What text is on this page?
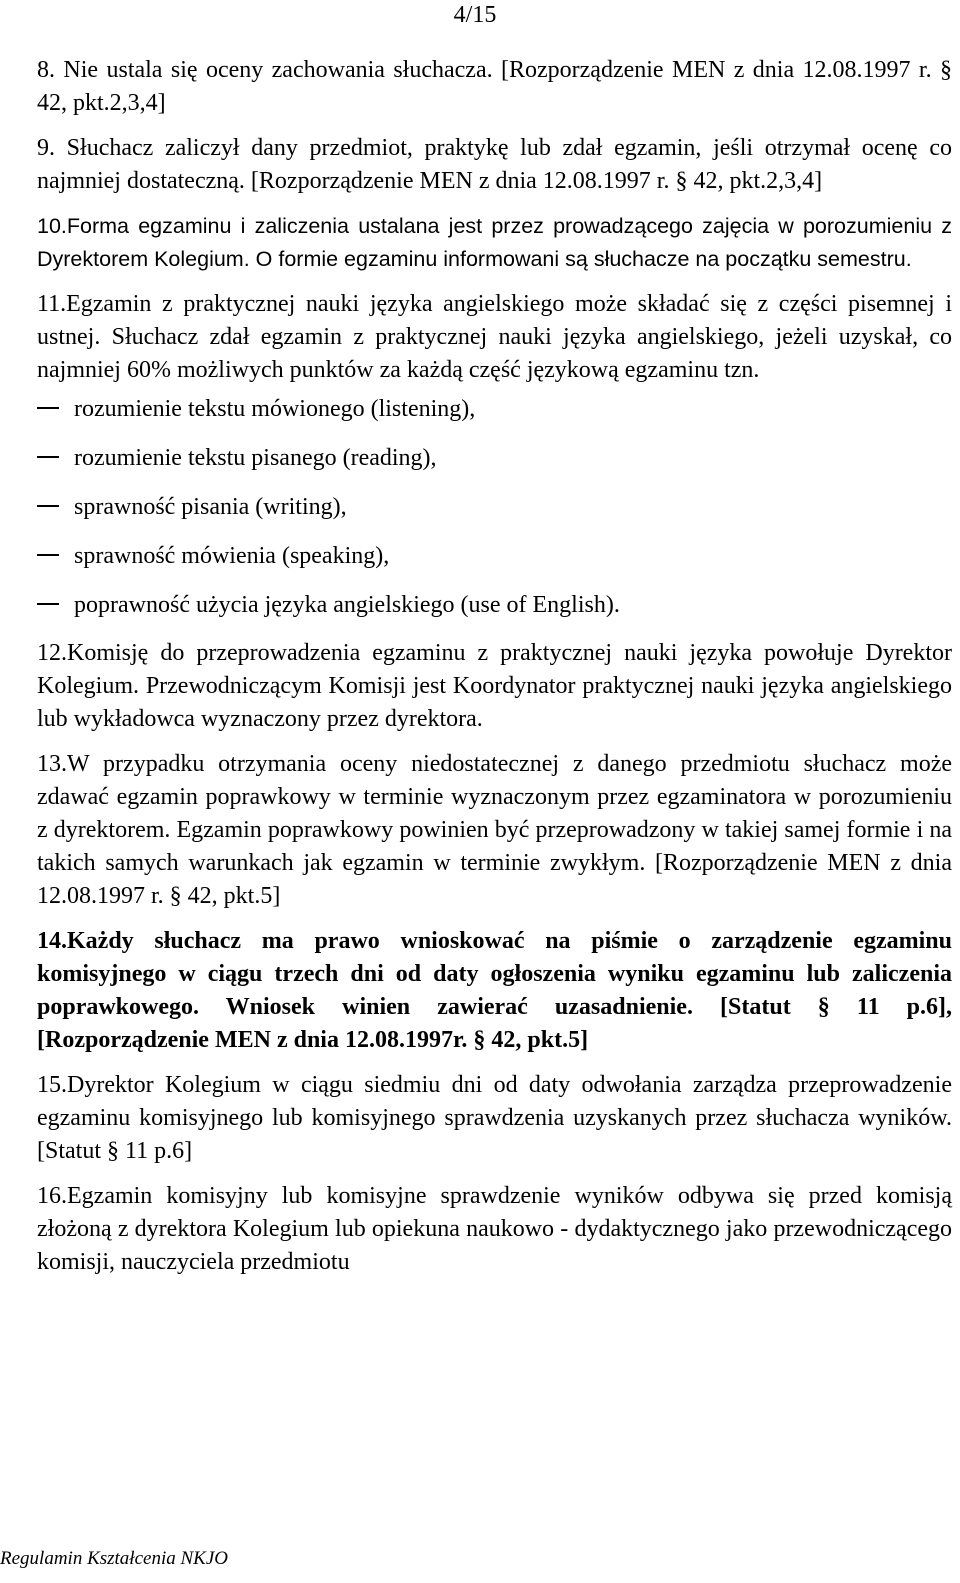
4/15

8. Nie ustala się oceny zachowania słuchacza. [Rozporządzenie MEN z dnia 12.08.1997 r. § 42, pkt.2,3,4]

9. Słuchacz zaliczył dany przedmiot, praktykę lub zdał egzamin, jeśli otrzymał ocenę co najmniej dostateczną. [Rozporządzenie MEN z dnia 12.08.1997 r. § 42, pkt.2,3,4]

10.Forma egzaminu i zaliczenia ustalana jest przez prowadzącego zajęcia w porozumieniu z Dyrektorem Kolegium. O formie egzaminu informowani są słuchacze na początku semestru.

11.Egzamin z praktycznej nauki języka angielskiego może składać się z części pisemnej i ustnej. Słuchacz zdał egzamin z praktycznej nauki języka angielskiego, jeżeli uzyskał, co najmniej 60% możliwych punktów za każdą część językową egzaminu tzn.

rozumienie tekstu mówionego (listening),
rozumienie tekstu pisanego (reading),
sprawność pisania (writing),
sprawność mówienia (speaking),
poprawność użycia języka angielskiego (use of English).

12.Komisję do przeprowadzenia egzaminu z praktycznej nauki języka powołuje Dyrektor Kolegium. Przewodniczącym Komisji jest Koordynator praktycznej nauki języka angielskiego lub wykładowca wyznaczony przez dyrektora.

13.W przypadku otrzymania oceny niedostatecznej z danego przedmiotu słuchacz może zdawać egzamin poprawkowy w terminie wyznaczonym przez egzaminatora w porozumieniu z dyrektorem. Egzamin poprawkowy powinien być przeprowadzony w takiej samej formie i na takich samych warunkach jak egzamin w terminie zwykłym. [Rozporządzenie MEN z dnia 12.08.1997 r. § 42, pkt.5]

14.Każdy słuchacz ma prawo wnioskować na piśmie o zarządzenie egzaminu komisyjnego w ciągu trzech dni od daty ogłoszenia wyniku egzaminu lub zaliczenia poprawkowego. Wniosek winien zawierać uzasadnienie. [Statut § 11 p.6], [Rozporządzenie MEN z dnia 12.08.1997r. § 42, pkt.5]

15.Dyrektor Kolegium w ciągu siedmiu dni od daty odwołania zarządza przeprowadzenie egzaminu komisyjnego lub komisyjnego sprawdzenia uzyskanych przez słuchacza wyników. [Statut § 11 p.6]

16.Egzamin komisyjny lub komisyjne sprawdzenie wyników odbywa się przed komisją złożoną z dyrektora Kolegium lub opiekuna naukowo - dydaktycznego jako przewodniczącego komisji, nauczyciela przedmiotu

Regulamin Kształcenia NKJO
